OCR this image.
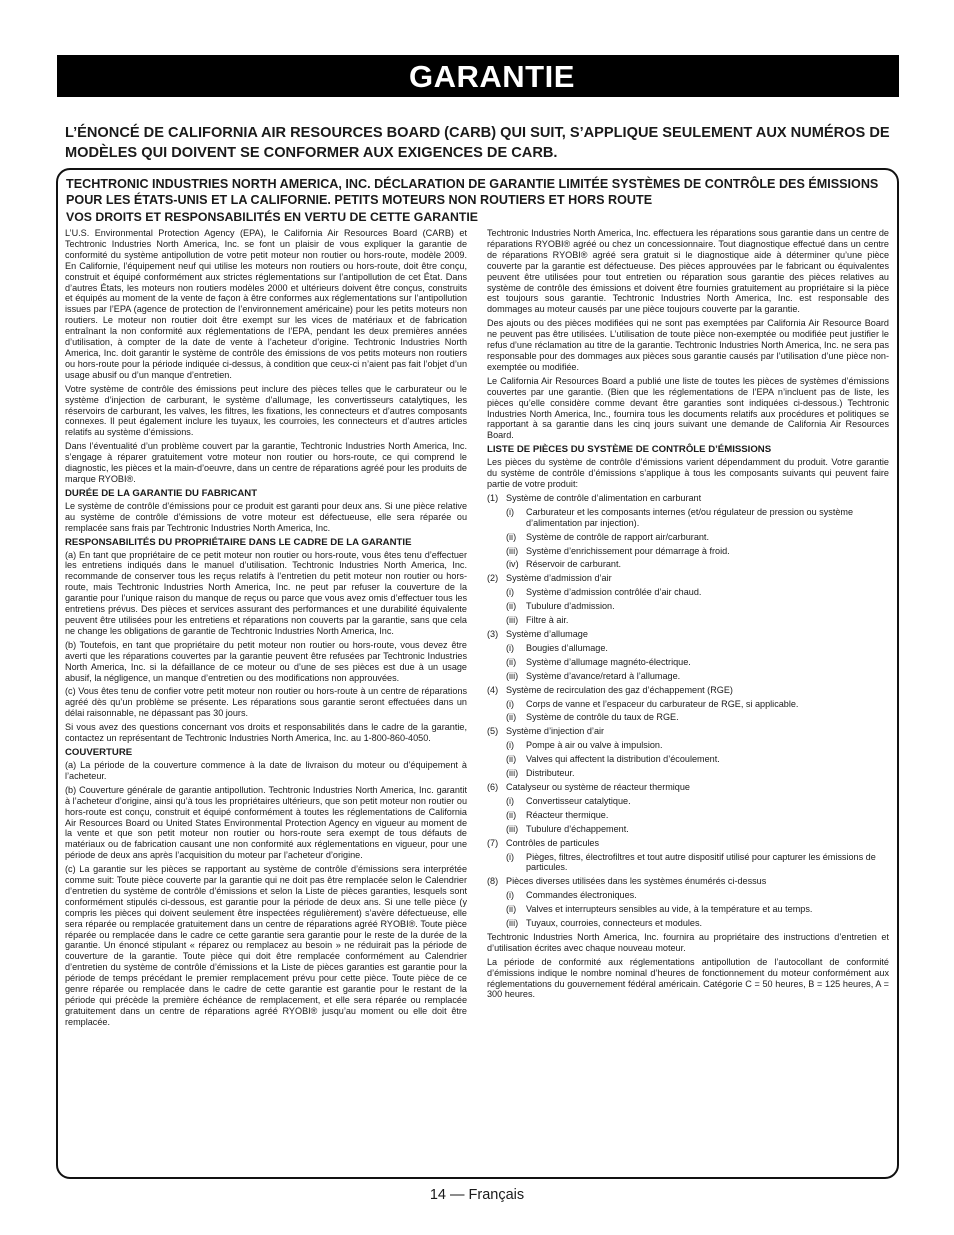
GARANTIE
L’ÉNONCÉ DE CALIFORNIA AIR RESOURCES BOARD (CARB) QUI SUIT, S’APPLIQUE SEULEMENT AUX NUMÉROS DE MODÈLES QUI DOIVENT SE CONFORMER AUX EXIGENCES DE CARB.
TECHTRONIC INDUSTRIES NORTH AMERICA, INC. DÉCLARATION DE GARANTIE LIMITÉE SYSTÈMES DE CONTRÔLE DES ÉMISSIONS POUR LES ÉTATS-UNIS ET LA CALIFORNIE. PETITS MOTEURS NON ROUTIERS ET HORS ROUTE
VOS DROITS ET RESPONSABILITÉS EN VERTU DE CETTE GARANTIE

L’U.S. Environmental Protection Agency (EPA), le California Air Resources Board (CARB) et Techtronic Industries North America, Inc. se font un plaisir de vous expliquer la garantie de conformité du système antipollution de votre petit moteur non routier ou hors-route, modèle 2009. En Californie, l’équipement neuf qui utilise les moteurs non routiers ou hors-route, doit être conçu, construit et équipé conformément aux strictes réglementations sur l’antipollution de cet État. Dans d’autres États, les moteurs non routiers modèles 2000 et ultérieurs doivent être conçus, construits et équipés au moment de la vente de façon à être conformes aux réglementations sur l’antipollution issues par l’EPA (agence de protection de l’environnement américaine) pour les petits moteurs non routiers. Le moteur non routier doit être exempt sur les vices de matériaux et de fabrication entraînant la non conformité aux réglementations de l’EPA, pendant les deux premières années d’utilisation, à compter de la date de vente à l’acheteur d’origine. Techtronic Industries North America, Inc. doit garantir le système de contrôle des émissions de vos petits moteurs non routiers ou hors-route pour la période indiquée ci-dessus, à condition que ceux-ci n’aient pas fait l’objet d’un usage abusif ou d’un manque d’entretien.

Votre système de contrôle des émissions peut inclure des pièces telles que le carburateur ou le système d’injection de carburant, le système d’allumage, les convertisseurs catalytiques, les réservoirs de carburant, les valves, les filtres, les fixations, les connecteurs et d’autres composants connexes. Il peut également inclure les tuyaux, les courroies, les connecteurs et d’autres articles relatifs au système d’émissions.

Dans l’éventualité d’un problème couvert par la garantie, Techtronic Industries North America, Inc. s’engage à réparer gratuitement votre moteur non routier ou hors-route, ce qui comprend le diagnostic, les pièces et la main-d’oeuvre, dans un centre de réparations agréé pour les produits de marque RYOBI®.

DURÉE DE LA GARANTIE DU FABRICANT

Le système de contrôle d’émissions pour ce produit est garanti pour deux ans. Si une pièce relative au système de contrôle d’émissions de votre moteur est défectueuse, elle sera réparée ou remplacée sans frais par Techtronic Industries North America, Inc.

RESPONSABILITÉS DU PROPRIÉTAIRE DANS LE CADRE DE LA GARANTIE

(a) En tant que propriétaire de ce petit moteur non routier ou hors-route, vous êtes tenu d’effectuer les entretiens indiqués dans le manuel d’utilisation. Techtronic Industries North America, Inc. recommande de conserver tous les reçus relatifs à l’entretien du petit moteur non routier ou hors-route, mais Techtronic Industries North America, Inc. ne peut par refuser la couverture de la garantie pour l’unique raison du manque de reçus ou parce que vous avez omis d’effectuer tous les entretiens prévus. Des pièces et services assurant des performances et une durabilité équivalente peuvent être utilisées pour les entretiens et réparations non couverts par la garantie, sans que cela ne change les obligations de garantie de Techtronic Industries North America, Inc.

(b) Toutefois, en tant que propriétaire du petit moteur non routier ou hors-route, vous devez être averti que les réparations couvertes par la garantie peuvent être refusées par Techtronic Industries North America, Inc. si la défaillance de ce moteur ou d’une de ses pièces est due à un usage abusif, la négligence, un manque d’entretien ou des modifications non approuvées.

(c) Vous êtes tenu de confier votre petit moteur non routier ou hors-route à un centre de réparations agréé dès qu’un problème se présente. Les réparations sous garantie seront effectuées dans un délai raisonnable, ne dépassant pas 30 jours.

Si vous avez des questions concernant vos droits et responsabilités dans le cadre de la garantie, contactez un représentant de Techtronic Industries North America, Inc. au 1-800-860-4050.

COUVERTURE

(a) La période de la couverture commence à la date de livraison du moteur ou d’équipement à l’acheteur.

(b) Couverture générale de garantie antipollution. Techtronic Industries North America, Inc. garantit à l’acheteur d’origine, ainsi qu’à tous les propriétaires ultérieurs, que son petit moteur non routier ou hors-route est conçu, construit et équipé conformément à toutes les réglementations de California Air Resources Board ou United States Environmental Protection Agency en vigueur au moment de la vente et que son petit moteur non routier ou hors-route sera exempt de tous défauts de matériaux ou de fabrication causant une non conformité aux réglementations en vigueur, pour une période de deux ans après l’acquisition du moteur par l’acheteur d’origine.

(c) La garantie sur les pièces se rapportant au système de contrôle d’émissions sera interprétée comme suit: Toute pièce couverte par la garantie qui ne doit pas être remplacée selon le Calendrier d’entretien du système de contrôle d’émissions et selon la Liste de pièces garanties, lesquels sont conformément stipulés ci-dessous, est garantie pour la période de deux ans. Si une telle pièce (y compris les pièces qui doivent seulement être inspectées régulièrement) s’avère défectueuse, elle sera réparée ou remplacée gratuitement dans un centre de réparations agréé RYOBI®. Toute pièce réparée ou remplacée dans le cadre ce cette garantie sera garantie pour le reste de la durée de la garantie. Un énoncé stipulant « réparez ou remplacez au besoin » ne réduirait pas la période de couverture de la garantie. Toute pièce qui doit être remplacée conformément au Calendrier d’entretien du système de contrôle d’émissions et la Liste de pièces garanties est garantie pour la période de temps précédant le premier remplacement prévu pour cette pièce. Toute pièce de ce genre réparée ou remplacée dans le cadre de cette garantie est garantie pour le restant de la période qui précède la première échéance de remplacement, et elle sera réparée ou remplacée gratuitement dans un centre de réparations agréé RYOBI® jusqu’au moment ou elle doit être remplacée.

Techtronic Industries North America, Inc. effectuera les réparations sous garantie dans un centre de réparations RYOBI® agréé ou chez un concessionnaire. Tout diagnostique effectué dans un centre de réparations RYOBI® agréé sera gratuit si le diagnostique aide à déterminer qu’une pièce couverte par la garantie est défectueuse. Des pièces approuvées par le fabricant ou équivalentes peuvent être utilisées pour tout entretien ou réparation sous garantie des pièces relatives au système de contrôle des émissions et doivent être fournies gratuitement au propriétaire si la pièce est toujours sous garantie. Techtronic Industries North America, Inc. est responsable des dommages au moteur causés par une pièce toujours couverte par la garantie.

Des ajouts ou des pièces modifiées qui ne sont pas exemptées par California Air Resource Board ne peuvent pas être utilisées. L’utilisation de toute pièce non-exemptée ou modifiée peut justifier le refus d’une réclamation au titre de la garantie. Techtronic Industries North America, Inc. ne sera pas responsable pour des dommages aux pièces sous garantie causés par l’utilisation d’une pièce non-exemptée ou modifiée.

Le California Air Resources Board a publié une liste de toutes les pièces de systèmes d’émissions couvertes par une garantie. (Bien que les réglementations de l’EPA n’incluent pas de liste, les pièces qu’elle considère comme devant être garanties sont indiquées ci-dessous.) Techtronic Industries North America, Inc., fournira tous les documents relatifs aux procédures et politiques se rapportant à sa garantie dans les cinq jours suivant une demande de California Air Resources Board.

LISTE DE PIÈCES DU SYSTÈME DE CONTRÔLE D’ÉMISSIONS

Les pièces du système de contrôle d’émissions varient dépendamment du produit. Votre garantie du système de contrôle d’émissions s’applique à tous les composants suivants qui peuvent faire partie de votre produit:

(1) Système de contrôle d’alimentation en carburant
(i) Carburateur et les composants internes (et/ou régulateur de pression ou système d’alimentation par injection).
(ii) Système de contrôle de rapport air/carburant.
(iii) Système d’enrichissement pour démarrage à froid.
(iv) Réservoir de carburant.
(2) Système d’admission d’air
(i) Système d’admission contrôlée d’air chaud.
(ii) Tubulure d’admission.
(iii) Filtre à air.
(3) Système d’allumage
(i) Bougies d’allumage.
(ii) Système d’allumage magnéto-électrique.
(iii) Système d’avance/retard à l’allumage.
(4) Système de recirculation des gaz d’échappement (RGE)
(i) Corps de vanne et l’espaceur du carburateur de RGE, si applicable.
(ii) Système de contrôle du taux de RGE.
(5) Système d’injection d’air
(i) Pompe à air ou valve à impulsion.
(ii) Valves qui affectent la distribution d’écoulement.
(iii) Distributeur.
(6) Catalyseur ou système de réacteur thermique
(i) Convertisseur catalytique.
(ii) Réacteur thermique.
(iii) Tubulure d’échappement.
(7) Contrôles de particules
(i) Pièges, filtres, électrofiltres et tout autre dispositif utilisé pour capturer les émissions de particules.
(8) Pièces diverses utilisées dans les systèmes énumérés ci-dessus
(i) Commandes électroniques.
(ii) Valves et interrupteurs sensibles au vide, à la température et au temps.
(iii) Tuyaux, courroies, connecteurs et modules.

Techtronic Industries North America, Inc. fournira au propriétaire des instructions d’entretien et d’utilisation écrites avec chaque nouveau moteur.

La période de conformité aux réglementations antipollution de l’autocollant de conformité d’émissions indique le nombre nominal d’heures de fonctionnement du moteur conformément aux réglementations du gouvernement fédéral américain. Catégorie C = 50 heures, B = 125 heures, A = 300 heures.

14 — Français
